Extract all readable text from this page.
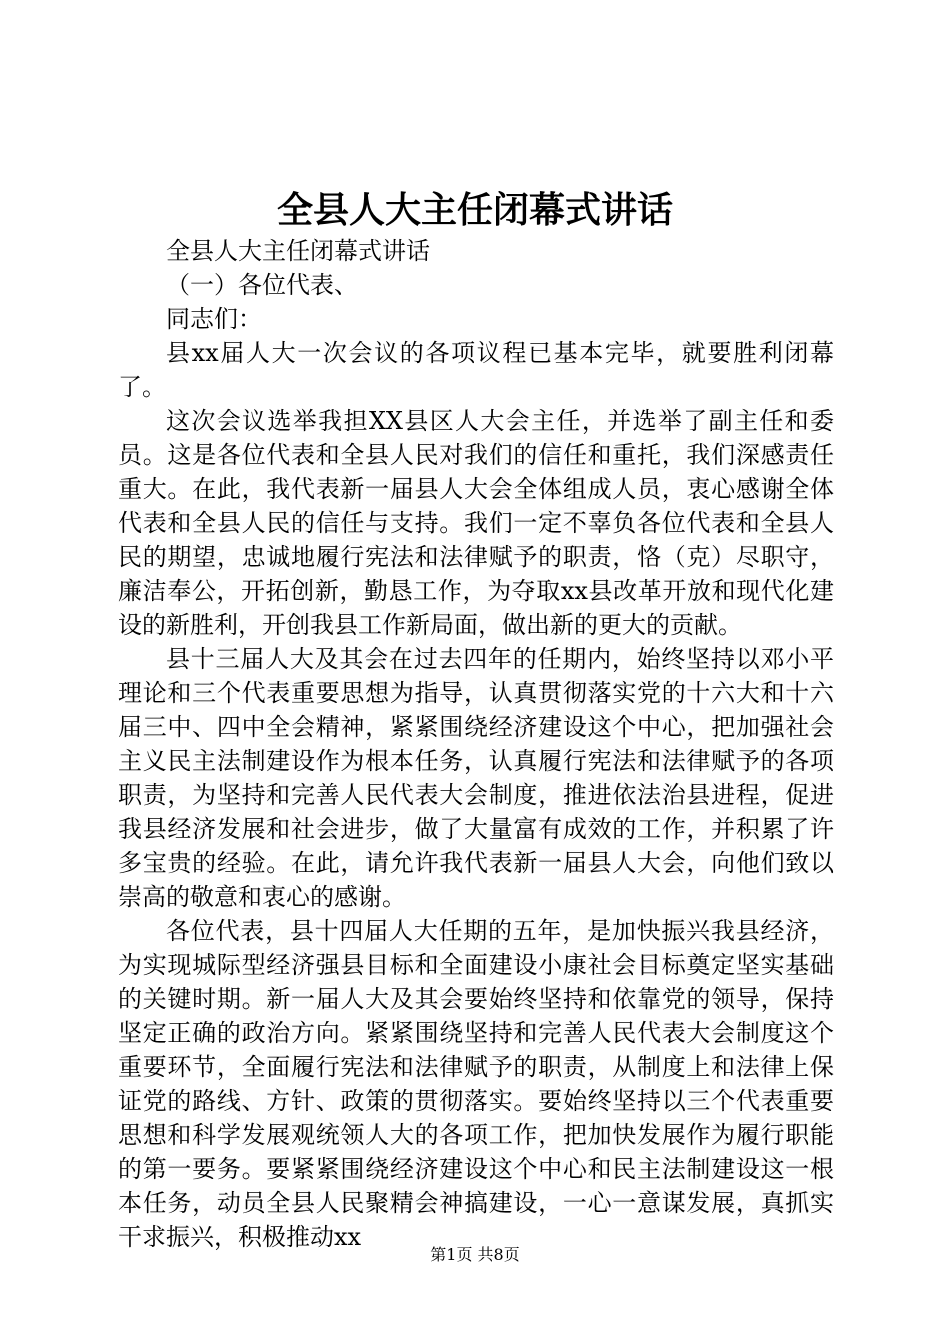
全县人大主任闭幕式讲话

全县人大主任闭幕式讲话

（一）各位代表、

同志们：

县xx届人大一次会议的各项议程已基本完毕，就要胜利闭幕了。

这次会议选举我担XX县区人大会主任，并选举了副主任和委员。这是各位代表和全县人民对我们的信任和重托，我们深感责任重大。在此，我代表新一届县人大会全体组成人员，衷心感谢全体代表和全县人民的信任与支持。我们一定不辜负各位代表和全县人民的期望，忠诚地履行宪法和法律赋予的职责，恪（克）尽职守，廉洁奉公，开拓创新，勤恳工作，为夺取xx县改革开放和现代化建设的新胜利，开创我县工作新局面，做出新的更大的贡献。

县十三届人大及其会在过去四年的任期内，始终坚持以邓小平理论和三个代表重要思想为指导，认真贯彻落实党的十六大和十六届三中、四中全会精神，紧紧围绕经济建设这个中心，把加强社会主义民主法制建设作为根本任务，认真履行宪法和法律赋予的各项职责，为坚持和完善人民代表大会制度，推进依法治县进程，促进我县经济发展和社会进步，做了大量富有成效的工作，并积累了许多宝贵的经验。在此，请允许我代表新一届县人大会，向他们致以崇高的敬意和衷心的感谢。

各位代表，县十四届人大任期的五年，是加快振兴我县经济，为实现城际型经济强县目标和全面建设小康社会目标奠定坚实基础的关键时期。新一届人大及其会要始终坚持和依靠党的领导，保持坚定正确的政治方向。紧紧围绕坚持和完善人民代表大会制度这个重要环节，全面履行宪法和法律赋予的职责，从制度上和法律上保证党的路线、方针、政策的贯彻落实。要始终坚持以三个代表重要思想和科学发展观统领人大的各项工作，把加快发展作为履行职能的第一要务。要紧紧围绕经济建设这个中心和民主法制建设这一根本任务，动员全县人民聚精会神搞建设，一心一意谋发展，真抓实干求振兴，积极推动xx

第1页 共8页
